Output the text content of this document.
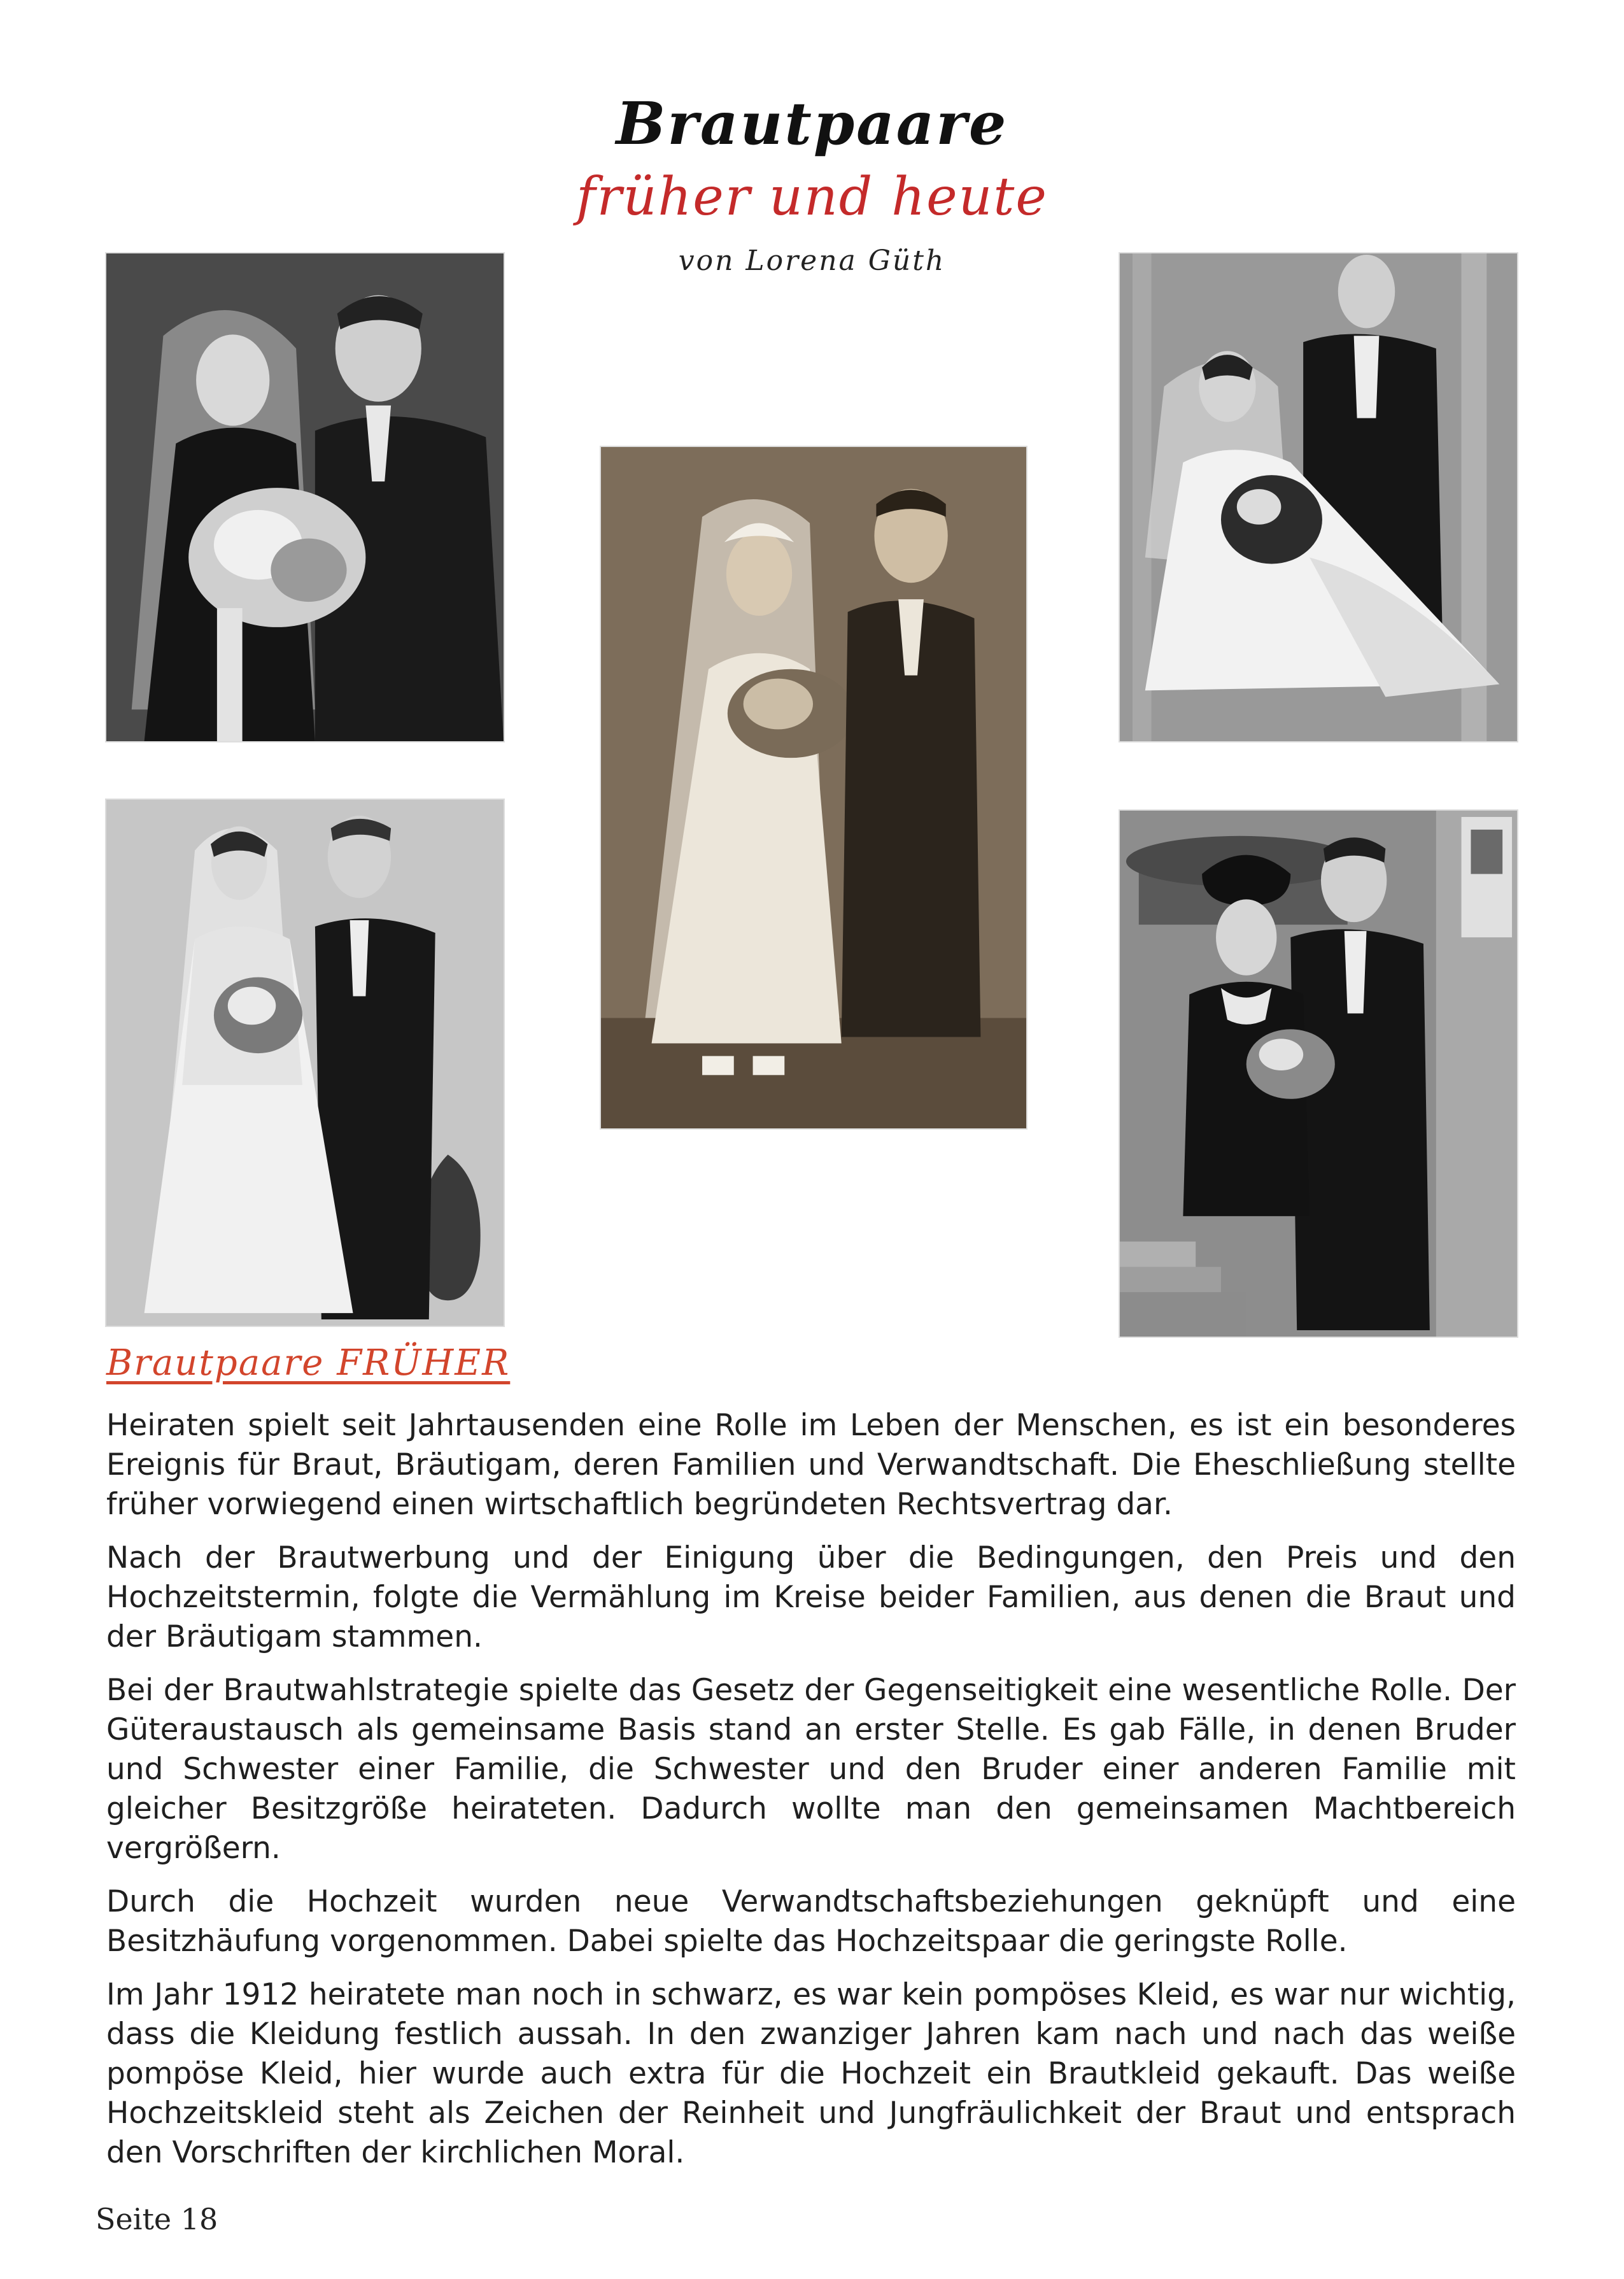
Brautpaare
früher und heute
von Lorena Güth
Brautpaare FRÜHER

Heiraten spielt seit Jahrtausenden eine Rolle im Leben der Menschen, es ist ein besonderes Ereignis für Braut, Bräutigam, deren Familien und Verwandtschaft. Die Eheschließung stellte früher vorwiegend einen wirtschaftlich begründeten Rechtsvertrag dar.

Nach der Brautwerbung und der Einigung über die Bedingungen, den Preis und den Hochzeitstermin, folgte die Vermählung im Kreise beider Familien, aus denen die Braut und der Bräutigam stammen.

Bei der Brautwahlstrategie spielte das Gesetz der Gegenseitigkeit eine wesentliche Rolle. Der Güteraustausch als gemeinsame Basis stand an erster Stelle. Es gab Fälle, in denen Bruder und Schwester einer Familie, die Schwester und den Bruder einer anderen Familie mit gleicher Besitzgröße heirateten. Dadurch wollte man den gemeinsamen Machtbereich vergrößern.

Durch die Hochzeit wurden neue Verwandtschaftsbeziehungen geknüpft und eine Besitzhäufung vorgenommen. Dabei spielte das Hochzeitspaar die geringste Rolle.

Im Jahr 1912 heiratete man noch in schwarz, es war kein pompöses Kleid, es war nur wichtig, dass die Kleidung festlich aussah. In den zwanziger Jahren kam nach und nach das weiße pompöse Kleid, hier wurde auch extra für die Hochzeit ein Brautkleid gekauft. Das weiße Hochzeitskleid steht als Zeichen der Reinheit und Jungfräulichkeit der Braut und entsprach den Vorschriften der kirchlichen Moral.

Seite 18
